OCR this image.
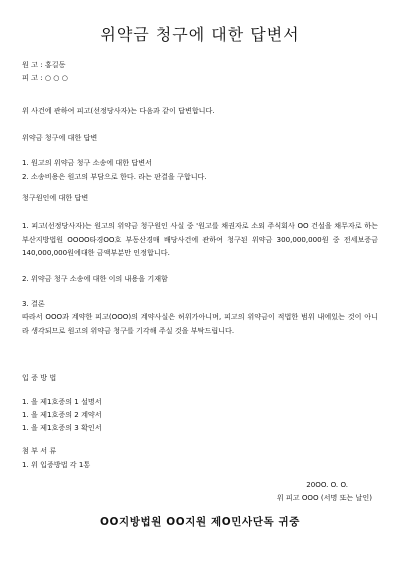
위약금 청구에 대한 답변서
원 고 : 홍길동
피 고 : ○ ○ ○
위 사건에 관하여 피고(선정당사자)는 다음과 같이 답변합니다.
위약금 청구에 대한 답변
1. 원고의 위약금 청구 소송에 대한 답변서
2. 소송비용은 원고의 부담으로 한다. 라는 판결을 구합니다.
청구원인에 대한 답변
1. 피고(선정당사자)는 원고의 위약금 청구원인 사실 중 '원고를 채권자로 소외 주식회사 OO 건설을 채무자로 하는 부산지방법원 OOOO타경OO호 부동산경매 배당사건에 관하여 청구된 위약금 300,000,000원 중 전세보증금 140,000,000원에대한 금액부분만 인정합니다.
2. 위약금 청구 소송에 대한 이의 내용을 기재함
3. 결론
따라서 OOO과 계약한 피고(OOO)의 계약사실은 허위가아니며, 피고의 위약금이 적법한 범위 내에있는 것이 아니라 생각되므로 원고의 위약금 청구를 기각해 주실 것을 부탁드립니다.
입 증 방 법
1. 을 제1호증의 1 설명서
1. 을 제1호증의 2 계약서
1. 을 제1호증의 3 확인서
첨 부 서 류
1. 위 입증방법 각 1통
20OO. O. O.
위 피고 OOO (서명 또는 날인)
OO지방법원 OO지원 제O민사단독 귀중
